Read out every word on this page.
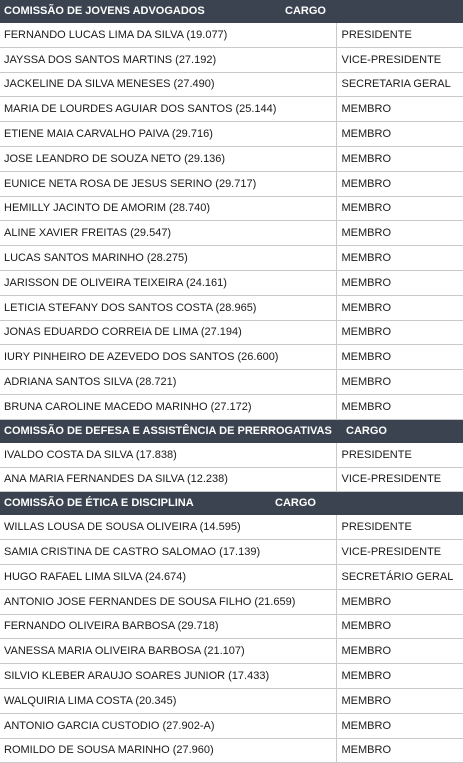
COMISSÃO DE JOVENS ADVOGADOS CARGO	

FERNANDO LUCAS LIMA DA SILVA (19.077)	PRESIDENTE
JAYSSA DOS SANTOS MARTINS (27.192)	VICE-PRESIDENTE
JACKELINE DA SILVA MENESES (27.490)	SECRETARIA GERAL
MARIA DE LOURDES AGUIAR DOS SANTOS (25.144)	MEMBRO
ETIENE MAIA CARVALHO PAIVA (29.716)	MEMBRO
JOSE LEANDRO DE SOUZA NETO (29.136)	MEMBRO
EUNICE NETA ROSA DE JESUS SERINO (29.717)	MEMBRO
HEMILLY JACINTO DE AMORIM (28.740)	MEMBRO
ALINE XAVIER FREITAS (29.547)	MEMBRO
LUCAS SANTOS MARINHO (28.275)	MEMBRO
JARISSON DE OLIVEIRA TEIXEIRA (24.161)	MEMBRO
LETICIA STEFANY DOS SANTOS COSTA (28.965)	MEMBRO
JONAS EDUARDO CORREIA DE LIMA (27.194)	MEMBRO
IURY PINHEIRO DE AZEVEDO DOS SANTOS (26.600)	MEMBRO
ADRIANA SANTOS SILVA (28.721)	MEMBRO
BRUNA CAROLINE MACEDO MARINHO (27.172)	MEMBRO

COMISSÃO DE DEFESA E ASSISTÊNCIA DE PRERROGATIVAS CARGO	

IVALDO COSTA DA SILVA (17.838)	PRESIDENTE
ANA MARIA FERNANDES DA SILVA (12.238)	VICE-PRESIDENTE

COMISSÃO DE ÉTICA E DISCIPLINA CARGO	

WILLAS LOUSA DE SOUSA OLIVEIRA (14.595)	PRESIDENTE
SAMIA CRISTINA DE CASTRO SALOMAO (17.139)	VICE-PRESIDENTE
HUGO RAFAEL LIMA SILVA (24.674)	SECRETÁRIO GERAL
ANTONIO JOSE FERNANDES DE SOUSA FILHO (21.659)	MEMBRO
FERNANDO OLIVEIRA BARBOSA (29.718)	MEMBRO
VANESSA MARIA OLIVEIRA BARBOSA (21.107)	MEMBRO
SILVIO KLEBER ARAUJO SOARES JUNIOR (17.433)	MEMBRO
WALQUIRIA LIMA COSTA (20.345)	MEMBRO
ANTONIO GARCIA CUSTODIO (27.902-A)	MEMBRO
ROMILDO DE SOUSA MARINHO (27.960)	MEMBRO
